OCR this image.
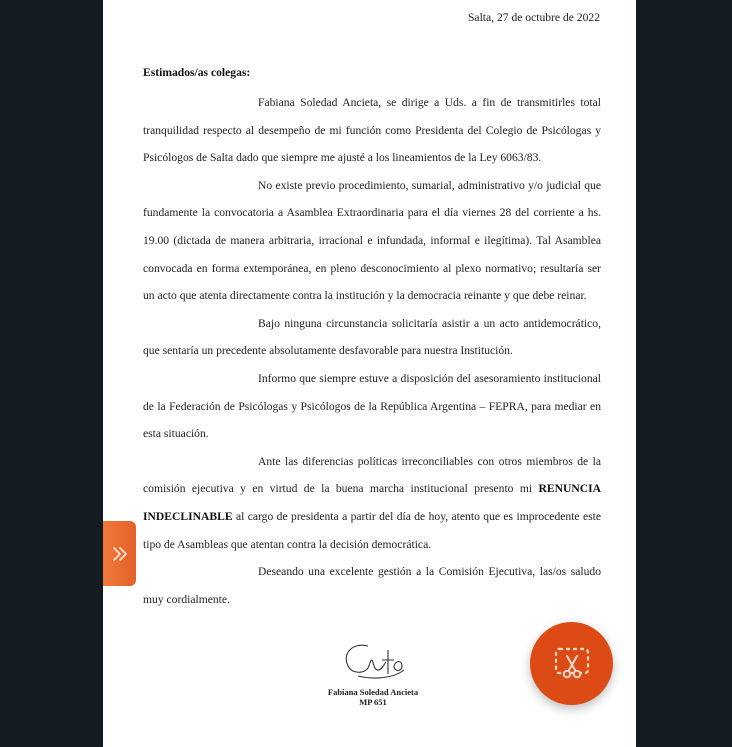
Salta, 27 de octubre de 2022
Estimados/as colegas:

Fabiana Soledad Ancieta, se dirige a Uds. a fin de transmitirles total tranquilidad respecto al desempeño de mi función como Presidenta del Colegio de Psicólogas y Psicólogos de Salta dado que siempre me ajusté a los lineamientos de la Ley 6063/83.

No existe previo procedimiento, sumarial, administrativo y/o judicial que fundamente la convocatoria a Asamblea Extraordinaria para el día viernes 28 del corriente a hs. 19.00 (dictada de manera arbitraria, irracional e infundada, informal e ilegítima). Tal Asamblea convocada en forma extemporánea, en pleno desconocimiento al plexo normativo; resultaría ser un acto que atenta directamente contra la institución y la democracia reinante y que debe reinar.

Bajo ninguna circunstancia solicitaría asistir a un acto antidemocrático, que sentaría un precedente absolutamente desfavorable para nuestra Institución.

Informo que siempre estuve a disposición del asesoramiento institucional de la Federación de Psicólogas y Psicólogos de la República Argentina – FEPRA, para mediar en esta situación.

Ante las diferencias políticas irreconciliables con otros miembros de la comisión ejecutiva y en virtud de la buena marcha institucional presento mi RENUNCIA INDECLINABLE al cargo de presidenta a partir del día de hoy, atento que es improcedente este tipo de Asambleas que atentan contra la decisión democrática.

Deseando una excelente gestión a la Comisión Ejecutiva, las/os saludo muy cordialmente.

Fabiana Soledad Ancieta
MP 651
